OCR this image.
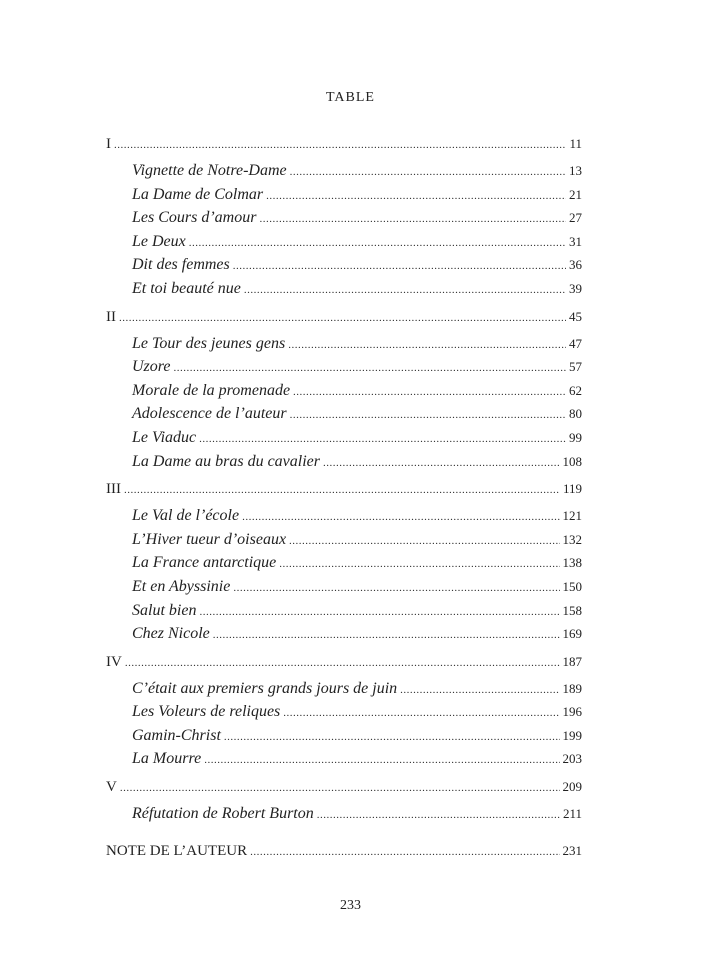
TABLE
I .....	11
Vignette de Notre-Dame .....	13
La Dame de Colmar .....	21
Les Cours d’amour .....	27
Le Deux .....	31
Dit des femmes .....	36
Et toi beauté nue .....	39
II .....	45
Le Tour des jeunes gens .....	47
Uzore .....	57
Morale de la promenade .....	62
Adolescence de l’auteur .....	80
Le Viaduc .....	99
La Dame au bras du cavalier .....	108
III .....	119
Le Val de l’école .....	121
L’Hiver tueur d’oiseaux .....	132
La France antarctique .....	138
Et en Abyssinie .....	150
Salut bien .....	158
Chez Nicole .....	169
IV .....	187
C’était aux premiers grands jours de juin .....	189
Les Voleurs de reliques .....	196
Gamin-Christ .....	199
La Mourre .....	203
V .....	209
Réfutation de Robert Burton .....	211
NOTE DE L’AUTEUR .....	231
233
